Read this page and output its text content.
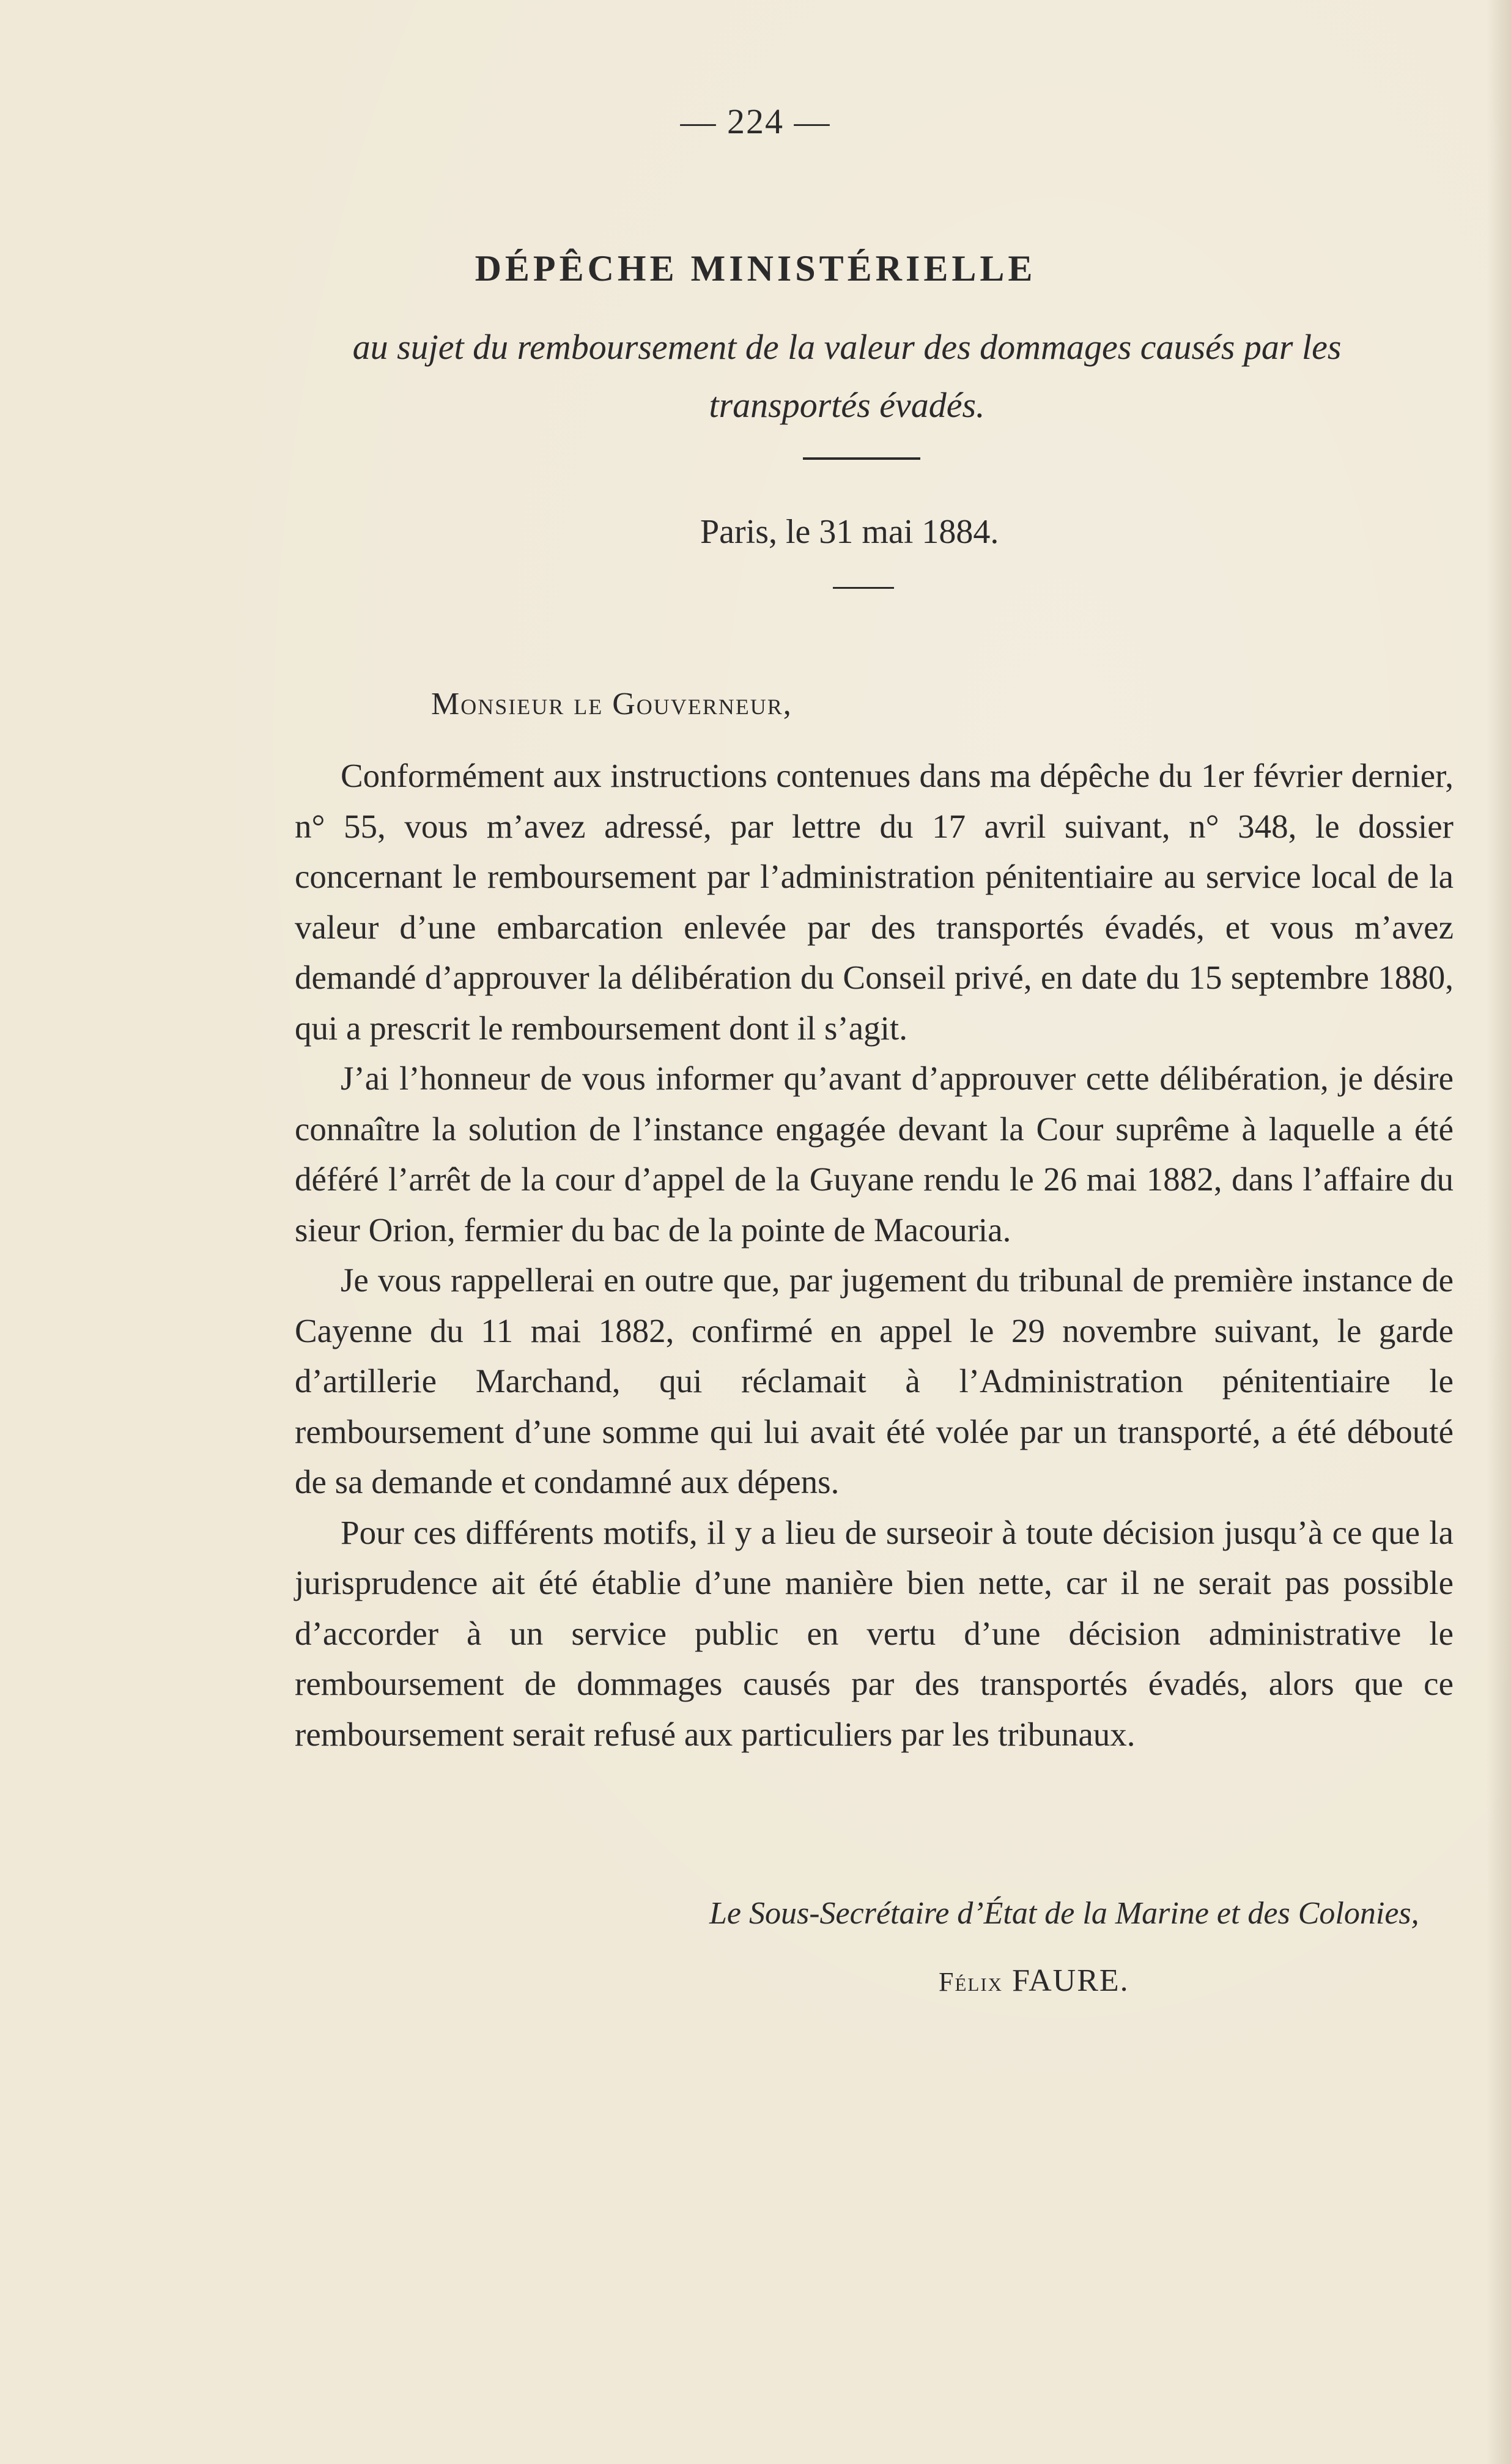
— 224 —
DÉPÊCHE MINISTÉRIELLE
au sujet du remboursement de la valeur des dommages causés par les transportés évadés.
Paris, le 31 mai 1884.
Monsieur le Gouverneur,

Conformément aux instructions contenues dans ma dépêche du 1er février dernier, n° 55, vous m’avez adressé, par lettre du 17 avril suivant, n° 348, le dossier concernant le remboursement par l’administration pénitentiaire au service local de la valeur d’une embarcation enlevée par des transportés évadés, et vous m’avez demandé d’approuver la délibération du Conseil privé, en date du 15 septembre 1880, qui a prescrit le remboursement dont il s’agit.

J’ai l’honneur de vous informer qu’avant d’approuver cette délibération, je désire connaître la solution de l’instance engagée devant la Cour suprême à laquelle a été déféré l’arrêt de la cour d’appel de la Guyane rendu le 26 mai 1882, dans l’affaire du sieur Orion, fermier du bac de la pointe de Macouria.

Je vous rappellerai en outre que, par jugement du tribunal de première instance de Cayenne du 11 mai 1882, confirmé en appel le 29 novembre suivant, le garde d’artillerie Marchand, qui réclamait à l’Administration pénitentiaire le remboursement d’une somme qui lui avait été volée par un transporté, a été débouté de sa demande et condamné aux dépens.

Pour ces différents motifs, il y a lieu de surseoir à toute décision jusqu’à ce que la jurisprudence ait été établie d’une manière bien nette, car il ne serait pas possible d’accorder à un service public en vertu d’une décision administrative le remboursement de dommages causés par des transportés évadés, alors que ce remboursement serait refusé aux particuliers par les tribunaux.

Le Sous-Secrétaire d’État de la Marine et des Colonies,
Félix FAURE.
